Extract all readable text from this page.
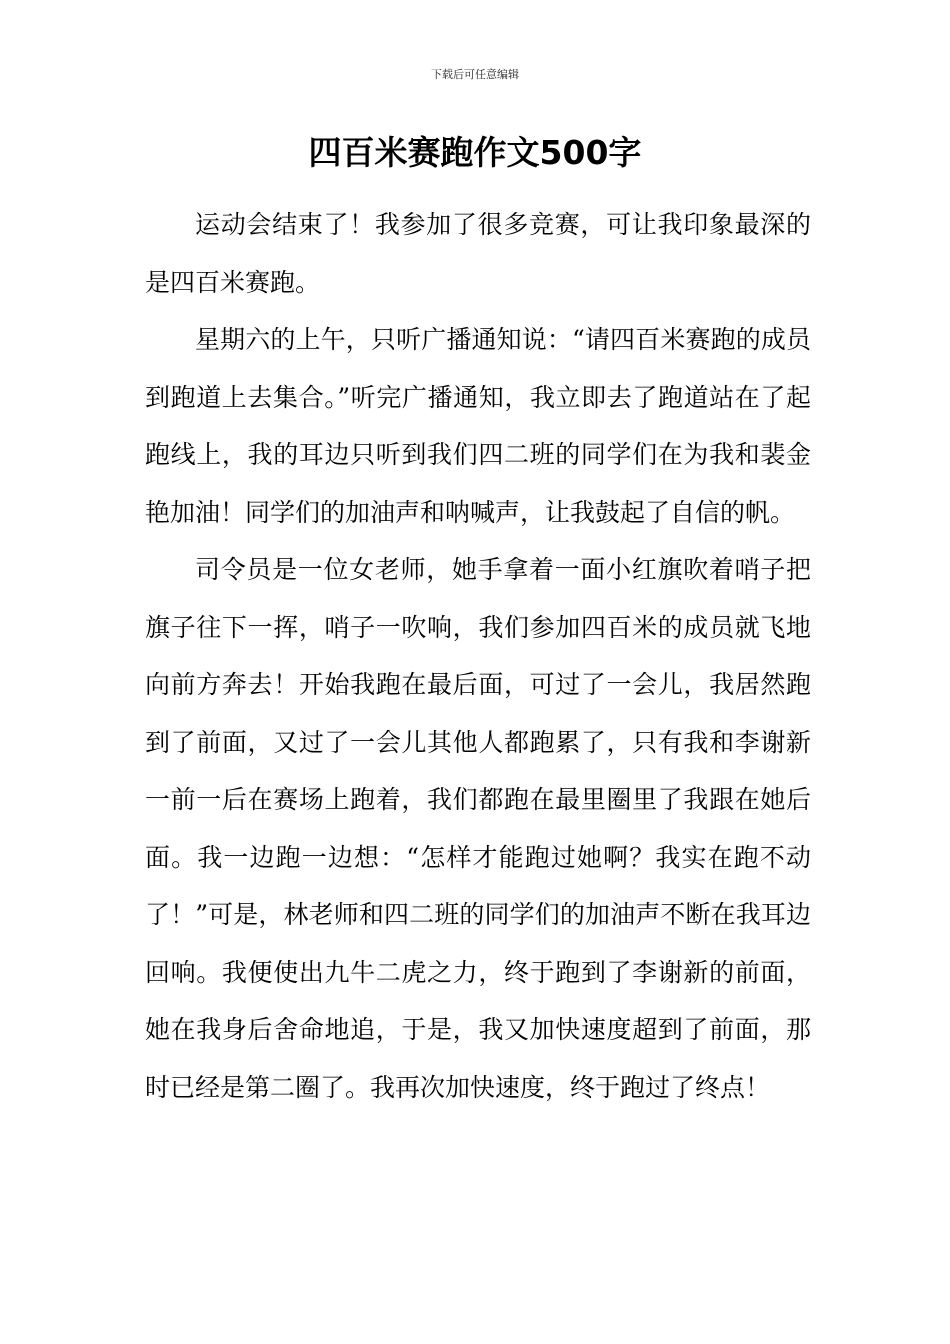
下载后可任意编辑
四百米赛跑作文500字

运动会结束了！我参加了很多竞赛，可让我印象最深的是四百米赛跑。

星期六的上午，只听广播通知说：“请四百米赛跑的成员到跑道上去集合。”听完广播通知，我立即去了跑道站在了起跑线上，我的耳边只听到我们四二班的同学们在为我和裴金艳加油！同学们的加油声和呐喊声，让我鼓起了自信的帆。

司令员是一位女老师，她手拿着一面小红旗吹着哨子把旗子往下一挥，哨子一吹响，我们参加四百米的成员就飞地向前方奔去！开始我跑在最后面，可过了一会儿，我居然跑到了前面，又过了一会儿其他人都跑累了，只有我和李谢新一前一后在赛场上跑着，我们都跑在最里圈里了我跟在她后面。我一边跑一边想：“怎样才能跑过她啊？我实在跑不动了！”可是，林老师和四二班的同学们的加油声不断在我耳边回响。我便使出九牛二虎之力，终于跑到了李谢新的前面，她在我身后舍命地追，于是，我又加快速度超到了前面，那时已经是第二圈了。我再次加快速度，终于跑过了终点！
